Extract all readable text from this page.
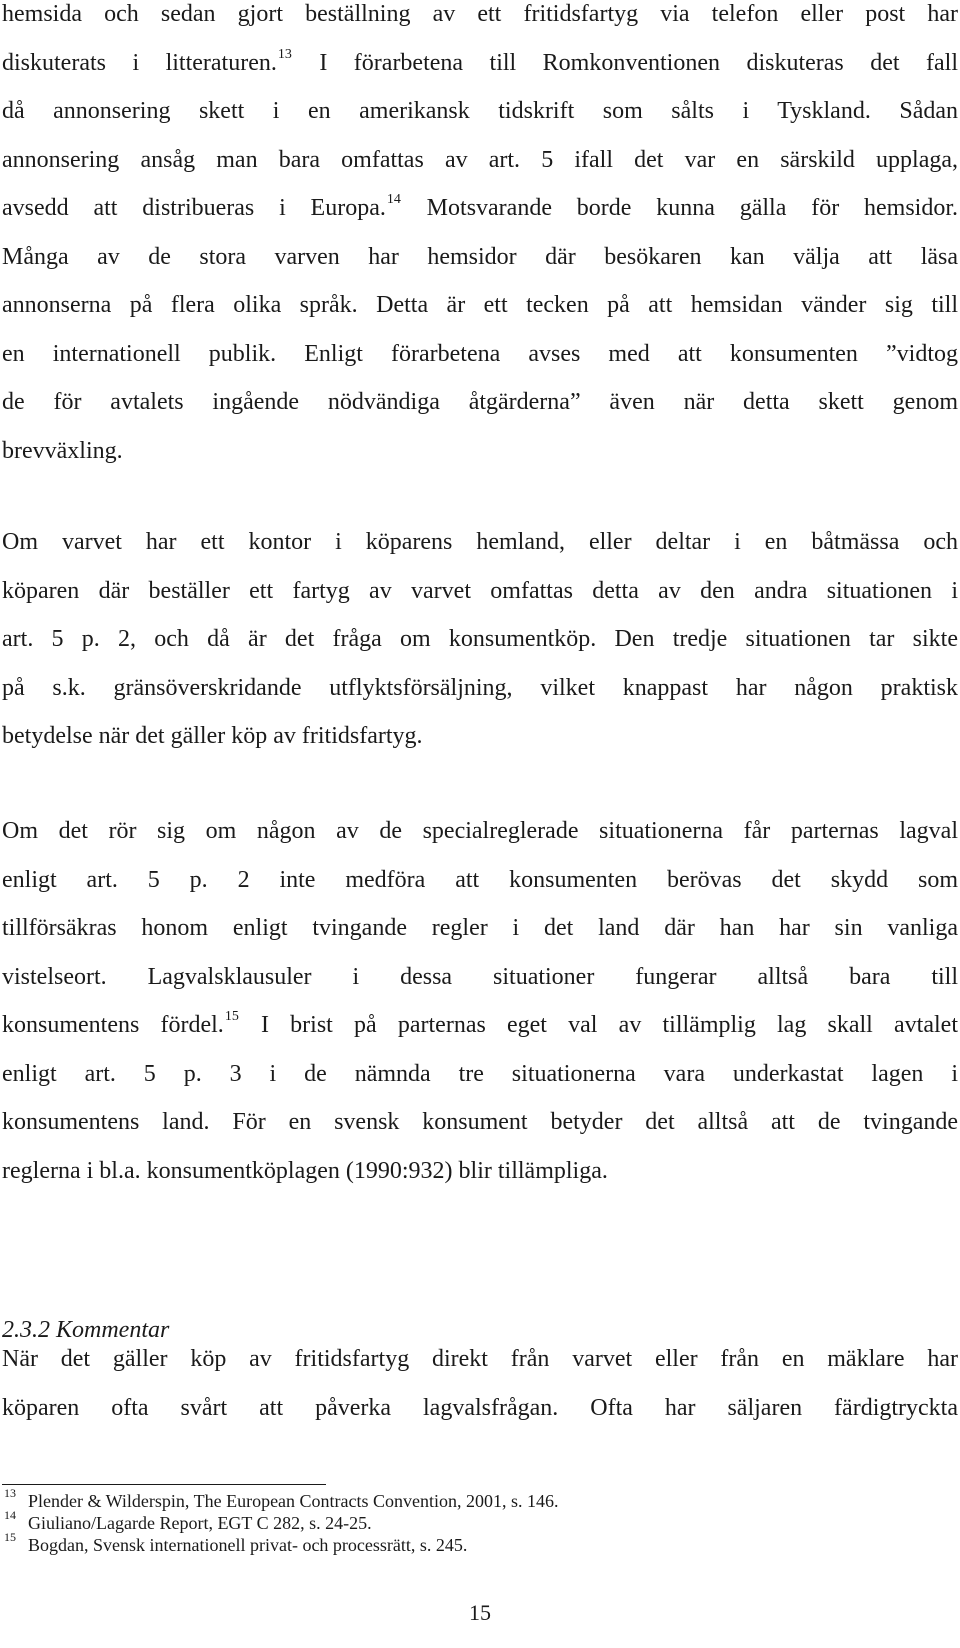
hemsida och sedan gjort beställning av ett fritidsfartyg via telefon eller post har
diskuterats i litteraturen.$^{13}$ I förarbetena till Romkonventionen diskuteras det fall
då annonsering skett i en amerikansk tidskrift som sålts i Tyskland. Sådan
annonsering ansåg man bara omfattas av art. 5 ifall det var en särskild upplaga,
avsedd att distribueras i Europa.$^{14}$ Motsvarande borde kunna gälla för hemsidor.
Många av de stora varven har hemsidor där besökaren kan välja att läsa
annonserna på flera olika språk. Detta är ett tecken på att hemsidan vänder sig till
en internationell publik. Enligt förarbetena avses med att konsumenten ”vidtog
de för avtalets ingående nödvändiga åtgärderna” även när detta skett genom
brevväxling.
Om varvet har ett kontor i köparens hemland, eller deltar i en båtmässa och
köparen där beställer ett fartyg av varvet omfattas detta av den andra situationen i
art. 5 p. 2, och då är det fråga om konsumentköp. Den tredje situationen tar sikte
på s.k. gränsöverskridande utflyktsförsäljning, vilket knappast har någon praktisk
betydelse när det gäller köp av fritidsfartyg.
Om det rör sig om någon av de specialreglerade situationerna får parternas lagval
enligt art. 5 p. 2 inte medföra att konsumenten berövas det skydd som
tillförsäkras honom enligt tvingande regler i det land där han har sin vanliga
vistelseort. Lagvalsklausuler i dessa situationer fungerar alltså bara till
konsumentens fördel.$^{15}$ I brist på parternas eget val av tillämplig lag skall avtalet
enligt art. 5 p. 3 i de nämnda tre situationerna vara underkastat lagen i
konsumentens land. För en svensk konsument betyder det alltså att de tvingande
reglerna i bl.a. konsumentköplagen (1990:932) blir tillämpliga.
2.3.2 Kommentar
När det gäller köp av fritidsfartyg direkt från varvet eller från en mäklare har
köparen ofta svårt att påverka lagvalsfrågan. Ofta har säljaren färdigtryckta
13 Plender & Wilderspin, The European Contracts Convention, 2001, s. 146.
14 Giuliano/Lagarde Report, EGT C 282, s. 24-25.
15 Bogdan, Svensk internationell privat- och processrätt, s. 245.
15
